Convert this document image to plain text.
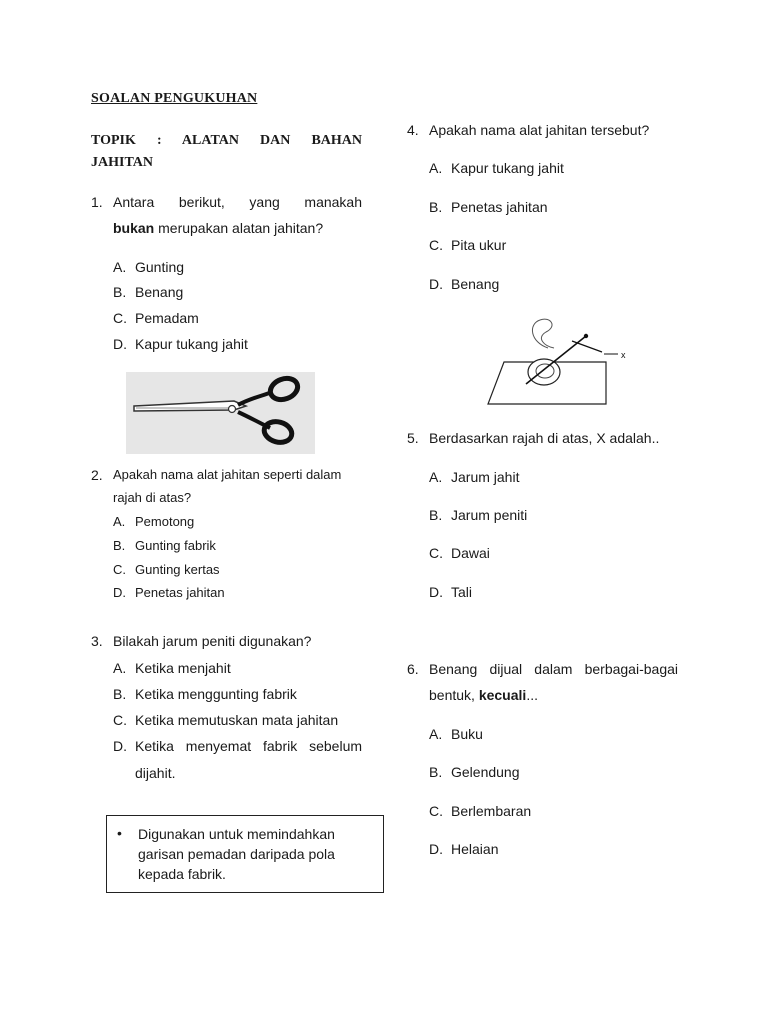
SOALAN PENGUKUHAN
TOPIK : ALATAN DAN BAHAN
JAHITAN
1. Antara berikut, yang manakah
bukan merupakan alatan jahitan?
A. Gunting
B. Benang
C. Pemadam
D. Kapur tukang jahit
2. Apakah nama alat jahitan seperti dalam
rajah di atas?
A. Pemotong
B. Gunting fabrik
C. Gunting kertas
D. Penetas jahitan
3. Bilakah jarum peniti digunakan?
A. Ketika menjahit
B. Ketika menggunting fabrik
C. Ketika memutuskan mata jahitan
D. Ketika menyemat fabrik sebelum
dijahit.
• Digunakan untuk memindahkan garisan pemadan daripada pola kepada fabrik.
4. Apakah nama alat jahitan tersebut?
A. Kapur tukang jahit
B. Penetas jahitan
C. Pita ukur
D. Benang
x
5. Berdasarkan rajah di atas, X adalah..
A. Jarum jahit
B. Jarum peniti
C. Dawai
D. Tali
6. Benang dijual dalam berbagai-bagai
bentuk, kecuali...
A. Buku
B. Gelendung
C. Berlembaran
D. Helaian
